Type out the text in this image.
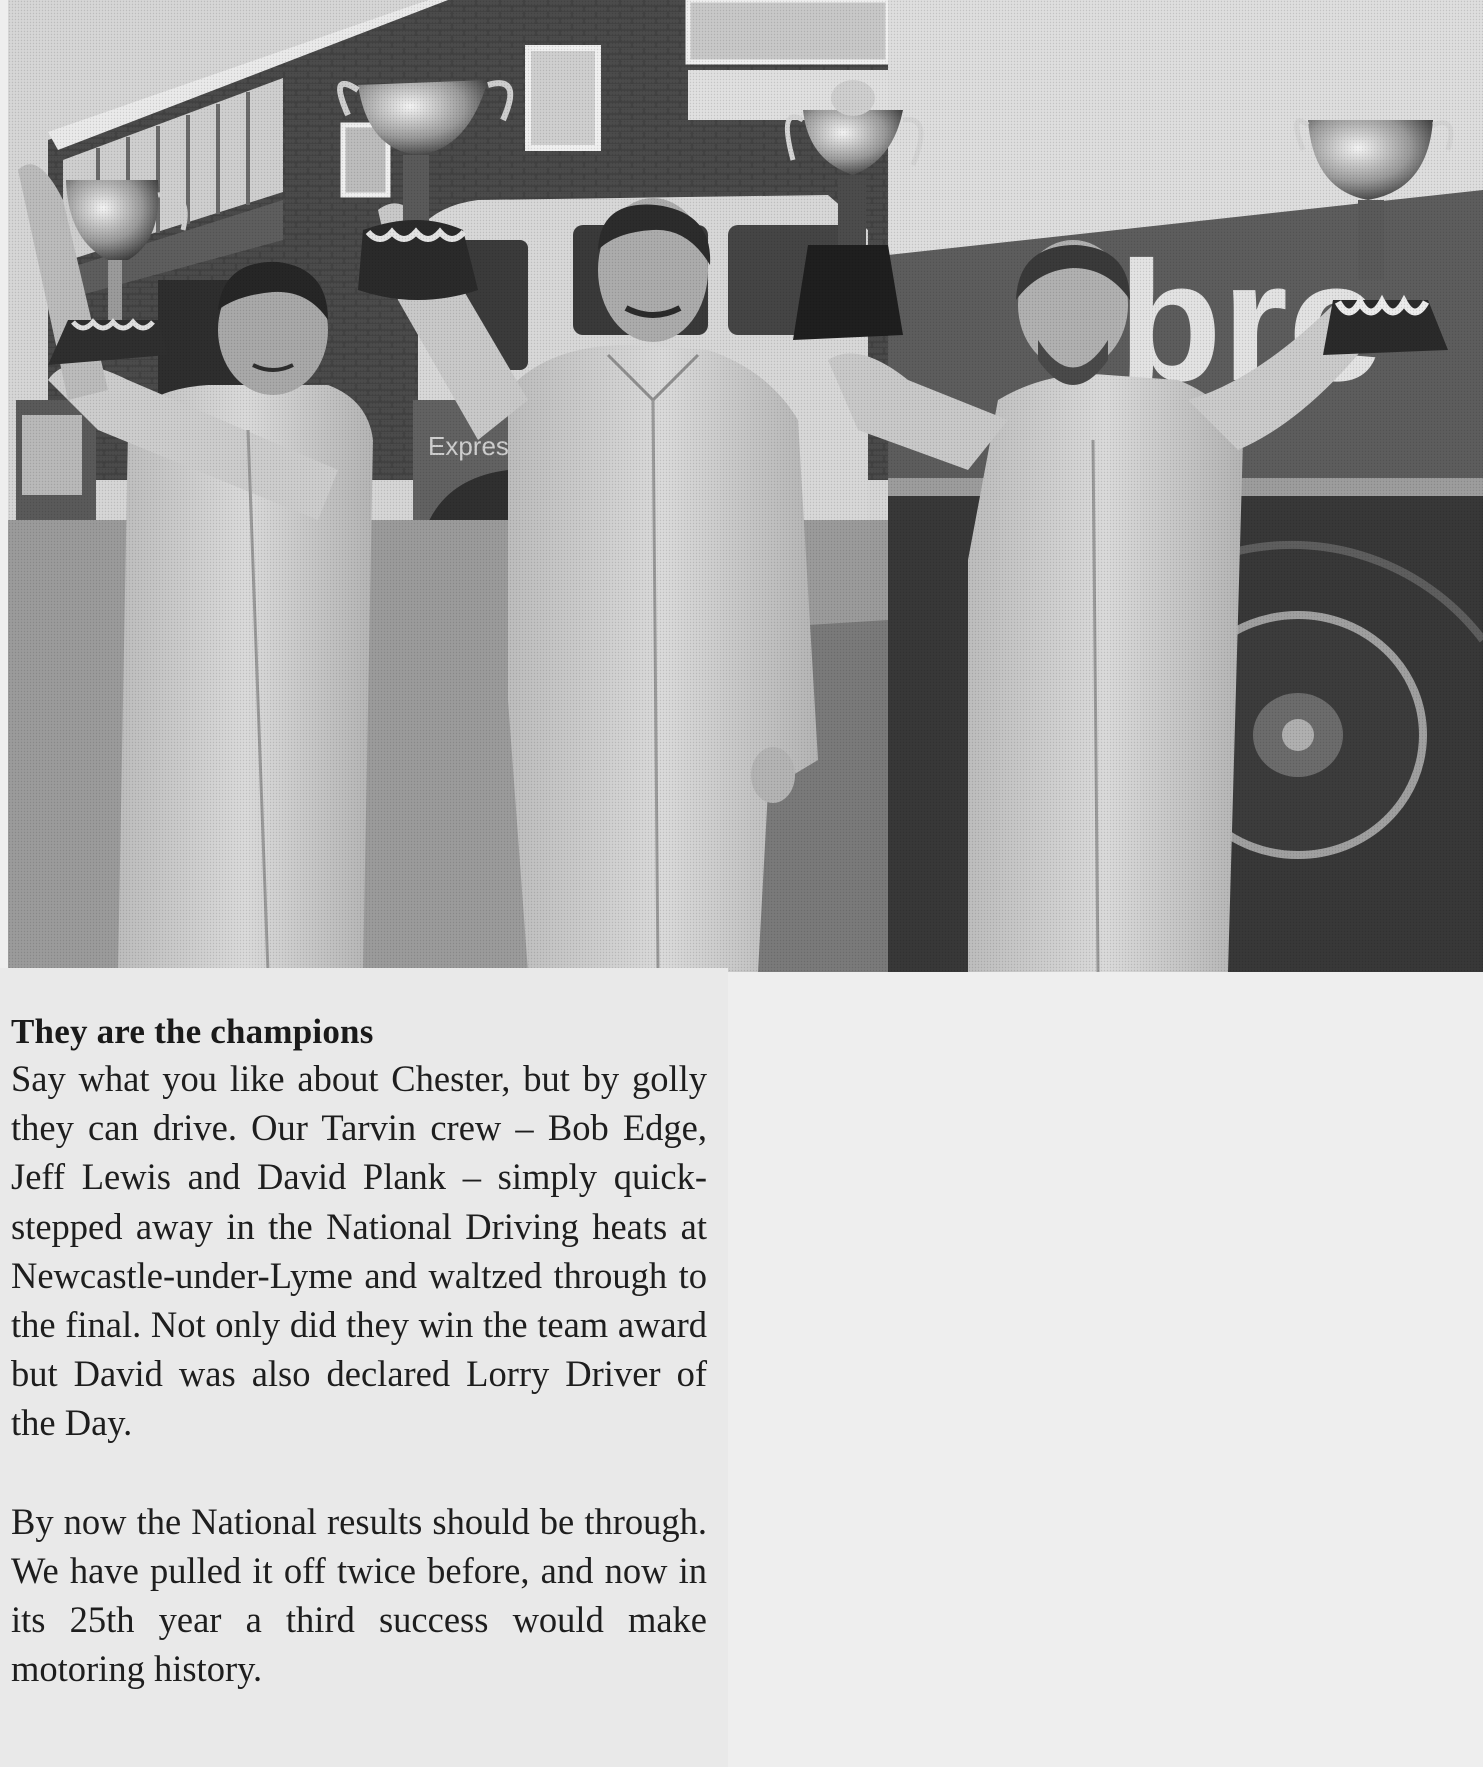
They are the champions

Say what you like about Chester, but by golly they can drive. Our Tarvin crew – Bob Edge, Jeff Lewis and David Plank – simply quick-stepped away in the National Driving heats at Newcastle-under-Lyme and waltzed through to the final. Not only did they win the team award but David was also declared Lorry Driver of the Day.

By now the National results should be through. We have pulled it off twice before, and now in its 25th year a third success would make motoring history.
